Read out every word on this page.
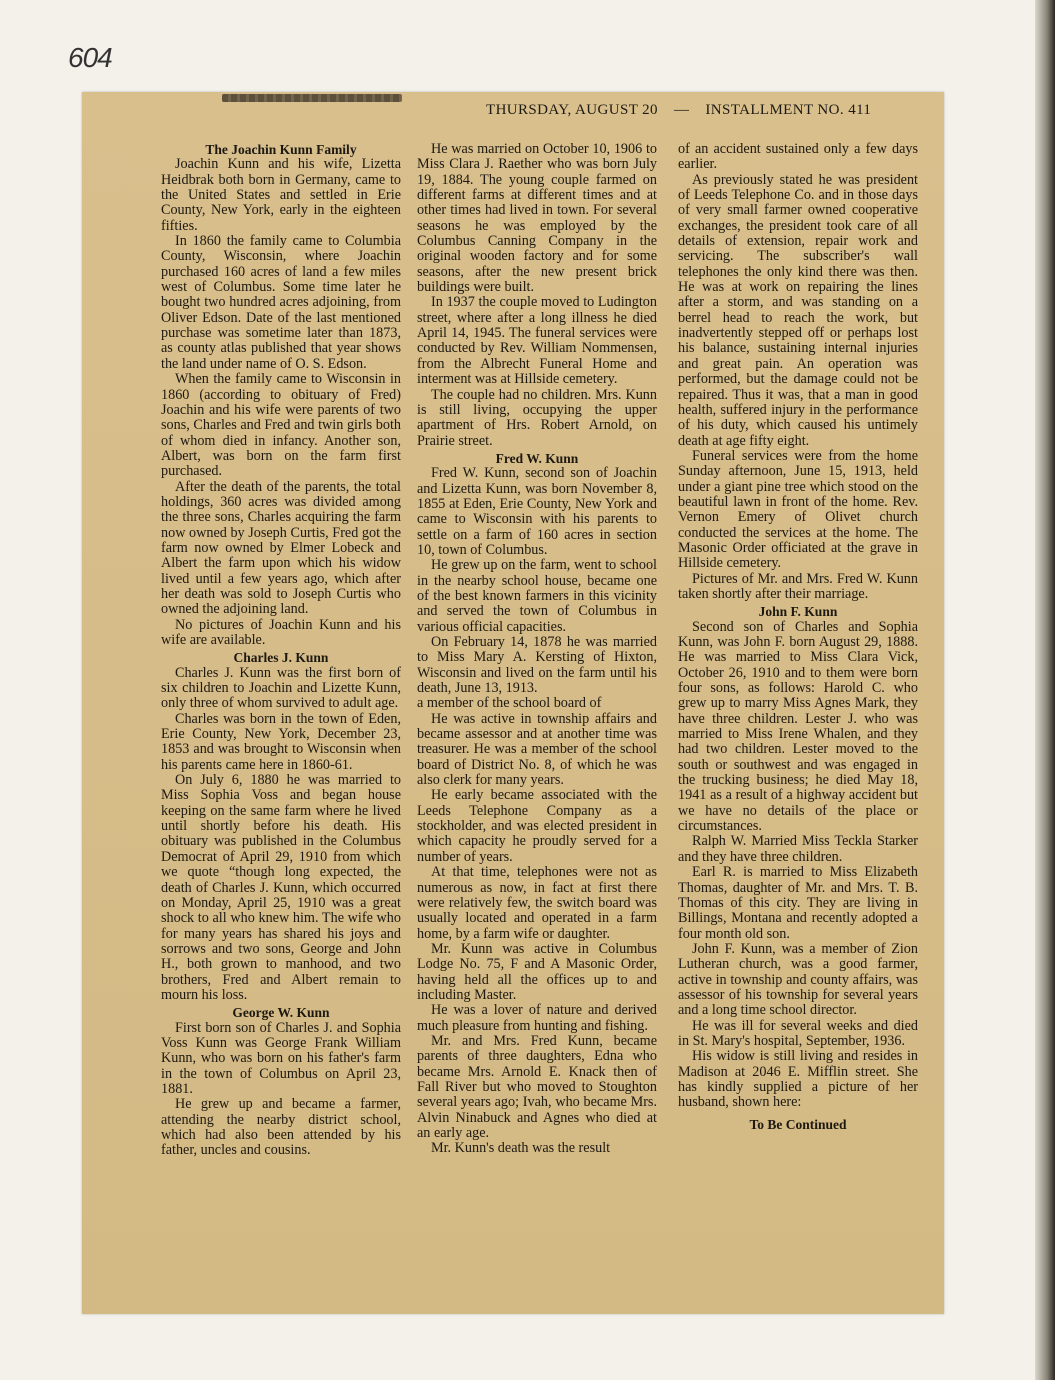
604
THURSDAY, AUGUST 20 — INSTALLMENT NO. 411
The Joachin Kunn Family

Joachin Kunn and his wife, Lizetta Heidbrak both born in Germany, came to the United States and settled in Erie County, New York, early in the eighteen fifties.

In 1860 the family came to Columbia County, Wisconsin, where Joachin purchased 160 acres of land a few miles west of Columbus. Some time later he bought two hundred acres adjoining, from Oliver Edson. Date of the last mentioned purchase was sometime later than 1873, as county atlas published that year shows the land under name of O. S. Edson.

When the family came to Wisconsin in 1860 (according to obituary of Fred) Joachin and his wife were parents of two sons, Charles and Fred and twin girls both of whom died in infancy. Another son, Albert, was born on the farm first purchased.

After the death of the parents, the total holdings, 360 acres was divided among the three sons, Charles acquiring the farm now owned by Joseph Curtis, Fred got the farm now owned by Elmer Lobeck and Albert the farm upon which his widow lived until a few years ago, which after her death was sold to Joseph Curtis who owned the adjoining land.

No pictures of Joachin Kunn and his wife are available.

Charles J. Kunn

Charles J. Kunn was the first born of six children to Joachin and Lizette Kunn, only three of whom survived to adult age.

Charles was born in the town of Eden, Erie County, New York, December 23, 1853 and was brought to Wisconsin when his parents came here in 1860-61.

On July 6, 1880 he was married to Miss Sophia Voss and began house keeping on the same farm where he lived until shortly before his death. His obituary was published in the Columbus Democrat of April 29, 1910 from which we quote “though long expected, the death of Charles J. Kunn, which occurred on Monday, April 25, 1910 was a great shock to all who knew him. The wife who for many years has shared his joys and sorrows and two sons, George and John H., both grown to manhood, and two brothers, Fred and Albert remain to mourn his loss.

George W. Kunn

First born son of Charles J. and Sophia Voss Kunn was George Frank William Kunn, who was born on his father's farm in the town of Columbus on April 23, 1881.

He grew up and became a farmer, attending the nearby district school, which had also been attended by his father, uncles and cousins.

He was married on October 10, 1906 to Miss Clara J. Raether who was born July 19, 1884. The young couple farmed on different farms at different times and at other times had lived in town. For several seasons he was employed by the Columbus Canning Company in the original wooden factory and for some seasons, after the new present brick buildings were built.

In 1937 the couple moved to Ludington street, where after a long illness he died April 14, 1945. The funeral services were conducted by Rev. William Nommensen, from the Albrecht Funeral Home and interment was at Hillside cemetery.

The couple had no children. Mrs. Kunn is still living, occupying the upper apartment of Hrs. Robert Arnold, on Prairie street.

Fred W. Kunn

Fred W. Kunn, second son of Joachin and Lizetta Kunn, was born November 8, 1855 at Eden, Erie County, New York and came to Wisconsin with his parents to settle on a farm of 160 acres in section 10, town of Columbus.

He grew up on the farm, went to school in the nearby school house, became one of the best known farmers in this vicinity and served the town of Columbus in various official capacities.

On February 14, 1878 he was married to Miss Mary A. Kersting of Hixton, Wisconsin and lived on the farm until his death, June 13, 1913.

a member of the school board of

He was active in township affairs and became assessor and at another time was treasurer. He was a member of the school board of District No. 8, of which he was also clerk for many years.

He early became associated with the Leeds Telephone Company as a stockholder, and was elected president in which capacity he proudly served for a number of years.

At that time, telephones were not as numerous as now, in fact at first there were relatively few, the switch board was usually located and operated in a farm home, by a farm wife or daughter.

Mr. Kunn was active in Columbus Lodge No. 75, F and A Masonic Order, having held all the offices up to and including Master.

He was a lover of nature and derived much pleasure from hunting and fishing.

Mr. and Mrs. Fred Kunn, became parents of three daughters, Edna who became Mrs. Arnold E. Knack then of Fall River but who moved to Stoughton several years ago; Ivah, who became Mrs. Alvin Ninabuck and Agnes who died at an early age.

Mr. Kunn's death was the result

of an accident sustained only a few days earlier.

As previously stated he was president of Leeds Telephone Co. and in those days of very small farmer owned cooperative exchanges, the president took care of all details of extension, repair work and servicing. The subscriber's wall telephones the only kind there was then. He was at work on repairing the lines after a storm, and was standing on a berrel head to reach the work, but inadvertently stepped off or perhaps lost his balance, sustaining internal injuries and great pain. An operation was performed, but the damage could not be repaired. Thus it was, that a man in good health, suffered injury in the performance of his duty, which caused his untimely death at age fifty eight.

Funeral services were from the home Sunday afternoon, June 15, 1913, held under a giant pine tree which stood on the beautiful lawn in front of the home. Rev. Vernon Emery of Olivet church conducted the services at the home. The Masonic Order officiated at the grave in Hillside cemetery.

Pictures of Mr. and Mrs. Fred W. Kunn taken shortly after their marriage.

John F. Kunn

Second son of Charles and Sophia Kunn, was John F. born August 29, 1888. He was married to Miss Clara Vick, October 26, 1910 and to them were born four sons, as follows: Harold C. who grew up to marry Miss Agnes Mark, they have three children. Lester J. who was married to Miss Irene Whalen, and they had two children. Lester moved to the south or southwest and was engaged in the trucking business; he died May 18, 1941 as a result of a highway accident but we have no details of the place or circumstances.

Ralph W. Married Miss Teckla Starker and they have three children.

Earl R. is married to Miss Elizabeth Thomas, daughter of Mr. and Mrs. T. B. Thomas of this city. They are living in Billings, Montana and recently adopted a four month old son.

John F. Kunn, was a member of Zion Lutheran church, was a good farmer, active in township and county affairs, was assessor of his township for several years and a long time school director.

He was ill for several weeks and died in St. Mary's hospital, September, 1936.

His widow is still living and resides in Madison at 2046 E. Mifflin street. She has kindly supplied a picture of her husband, shown here:

To Be Continued
